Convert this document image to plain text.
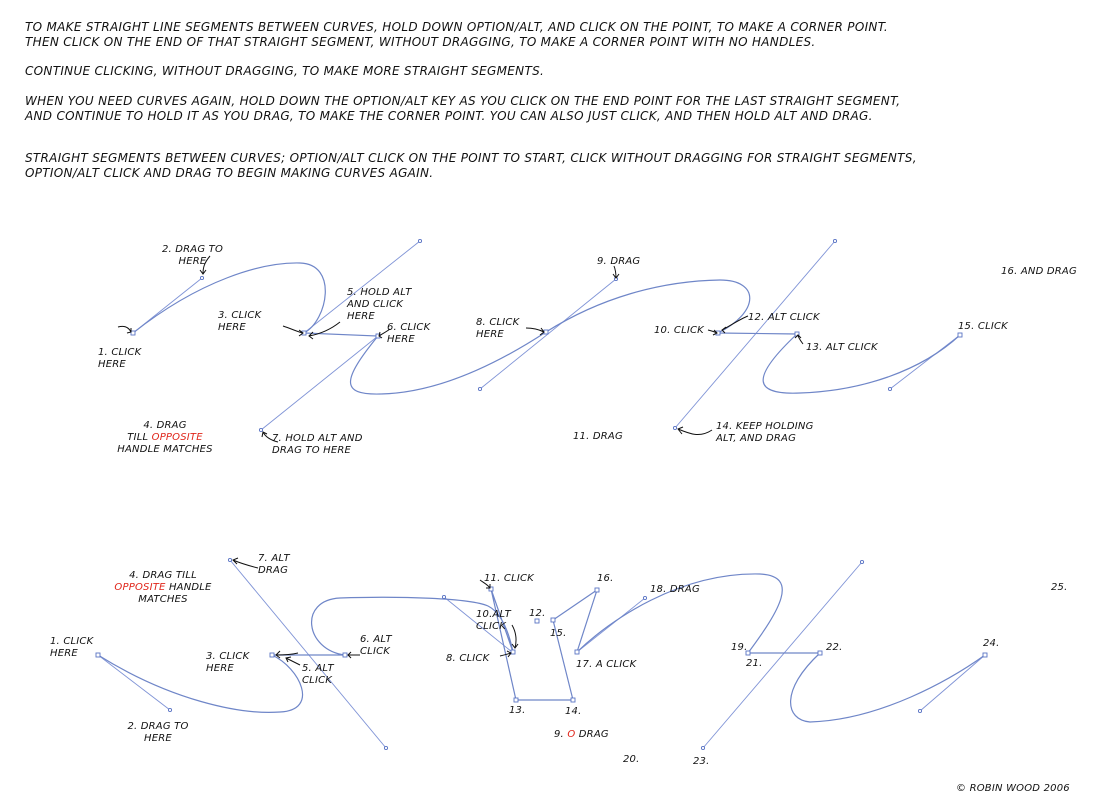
TO MAKE STRAIGHT LINE SEGMENTS BETWEEN CURVES, HOLD DOWN OPTION/ALT, AND CLICK ON THE POINT, TO MAKE A CORNER POINT.

THEN CLICK ON THE END OF THAT STRAIGHT SEGMENT, WITHOUT DRAGGING, TO MAKE A CORNER POINT WITH NO HANDLES.

CONTINUE CLICKING, WITHOUT DRAGGING, TO MAKE MORE STRAIGHT SEGMENTS.

WHEN YOU NEED CURVES AGAIN, HOLD DOWN THE OPTION/ALT KEY AS YOU CLICK ON THE END POINT FOR THE LAST STRAIGHT SEGMENT,

AND CONTINUE TO HOLD IT AS YOU DRAG, TO MAKE THE CORNER POINT. YOU CAN ALSO JUST CLICK, AND THEN HOLD ALT AND DRAG.

STRAIGHT SEGMENTS BETWEEN CURVES; OPTION/ALT CLICK ON THE POINT TO START, CLICK WITHOUT DRAGGING FOR STRAIGHT SEGMENTS,

OPTION/ALT CLICK AND DRAG TO BEGIN MAKING CURVES AGAIN.

1. CLICK HERE
2. DRAG TO HERE
3. CLICK HERE
4. DRAG
TILL OPPOSITE
HANDLE MATCHES
5. HOLD ALT AND CLICK HERE
6. CLICK HERE
7. HOLD ALT AND DRAG TO HERE
8. CLICK HERE
9. DRAG
10. CLICK
11. DRAG
12. ALT CLICK
13. ALT CLICK
14. KEEP HOLDING ALT, AND DRAG
15. CLICK
16. AND DRAG
1. CLICK HERE
2. DRAG TO HERE
3. CLICK HERE
4. DRAG TILL
OPPOSITE HANDLE
MATCHES
5. ALT CLICK
6. ALT CLICK
7. ALT DRAG
8. CLICK
9. O DRAG
10.ALT CLICK
11. CLICK
12.
13.	14.
15.
16.
17. A CLICK
18. DRAG
19.
20.
21.
22.
23.
24.
25.
© ROBIN WOOD 2006
